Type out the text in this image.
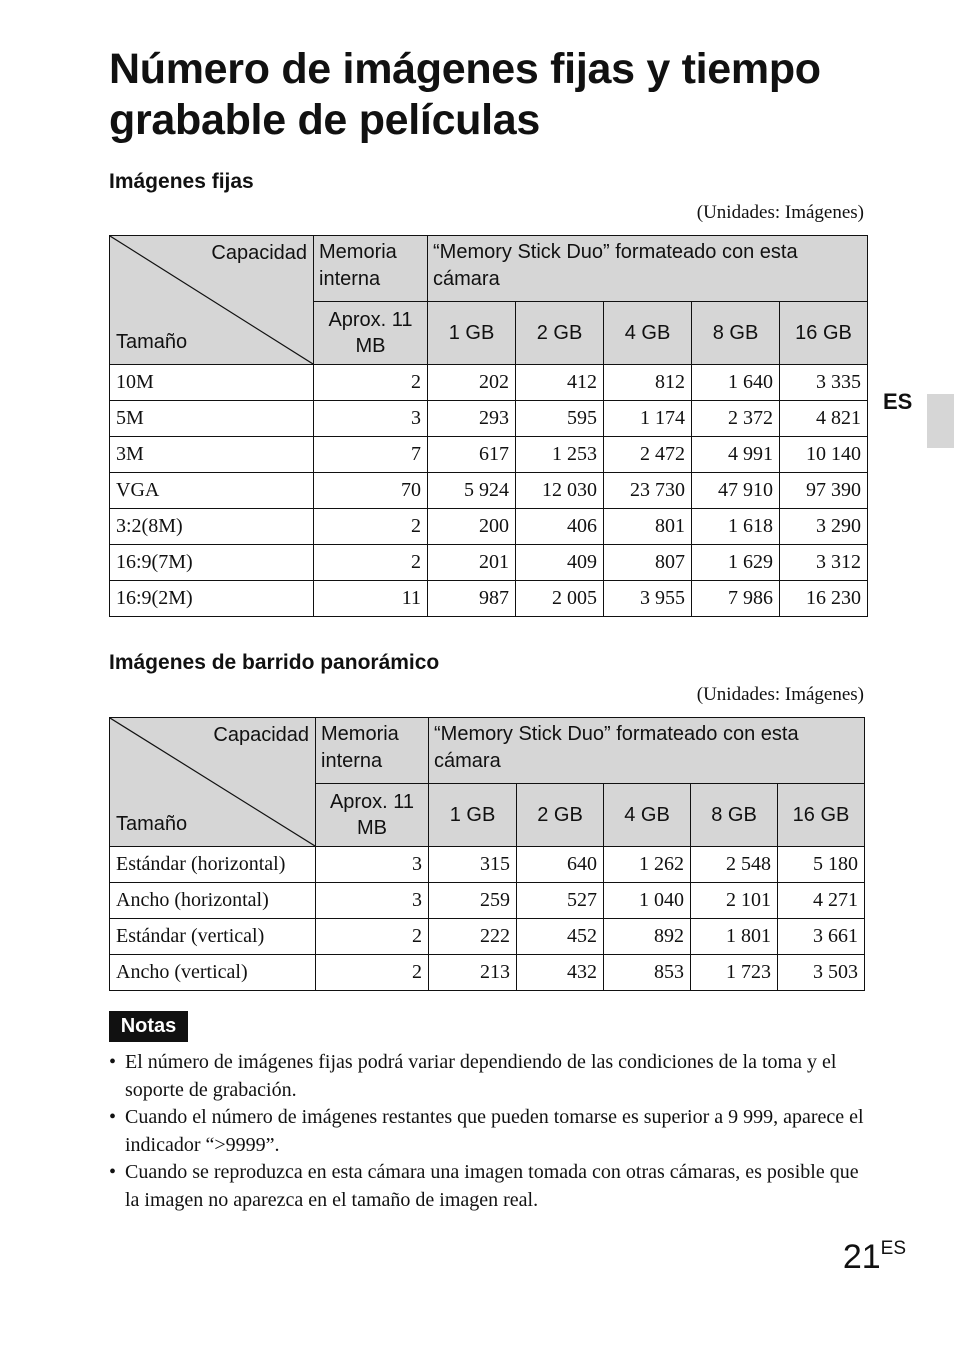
Número de imágenes fijas y tiempo grabable de películas
ES
Imágenes fijas
(Unidades: Imágenes)
Capacidad
Tamaño	Memoria interna	“Memory Stick Duo” formateado con esta cámara				
	Aprox. 11 MB	1 GB	2 GB	4 GB	8 GB	16 GB
10M	2	202	412	812	1 640	3 335
5M	3	293	595	1 174	2 372	4 821
3M	7	617	1 253	2 472	4 991	10 140
VGA	70	5 924	12 030	23 730	47 910	97 390
3:2(8M)	2	200	406	801	1 618	3 290
16:9(7M)	2	201	409	807	1 629	3 312
16:9(2M)	11	987	2 005	3 955	7 986	16 230
Imágenes de barrido panorámico
(Unidades: Imágenes)
Capacidad
Tamaño	Memoria interna	“Memory Stick Duo” formateado con esta cámara				
	Aprox. 11 MB	1 GB	2 GB	4 GB	8 GB	16 GB
Estándar (horizontal)	3	315	640	1 262	2 548	5 180
Ancho (horizontal)	3	259	527	1 040	2 101	4 271
Estándar (vertical)	2	222	452	892	1 801	3 661
Ancho (vertical)	2	213	432	853	1 723	3 503
Notas
• El número de imágenes fijas podrá variar dependiendo de las condiciones de la toma y el soporte de grabación.
• Cuando el número de imágenes restantes que pueden tomarse es superior a 9 999, aparece el indicador “>9999”.
• Cuando se reproduzca en esta cámara una imagen tomada con otras cámaras, es posible que la imagen no aparezca en el tamaño de imagen real.
$21^{ES}$
